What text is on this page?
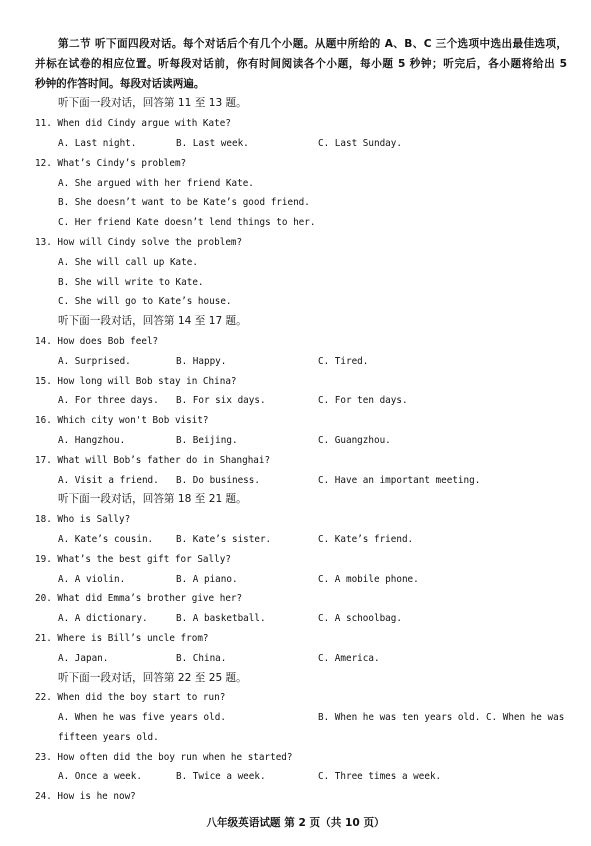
第二节 听下面四段对话。每个对话后个有几个小题。从题中所给的 A、B、C 三个选项中选出最佳选项，
并标在试卷的相应位置。听每段对话前，你有时间阅读各个小题，每小题 5 秒钟；听完后，各小题将给出 5
秒钟的作答时间。每段对话读两遍。
听下面一段对话，回答第 11 至 13 题。
11. When did Cindy argue with Kate?
A. Last night.	B. Last week.	C. Last Sunday.
12. What’s Cindy’s problem?
A. She argued with her friend Kate.
B. She doesn’t want to be Kate’s good friend.
C. Her friend Kate doesn’t lend things to her.
13. How will Cindy solve the problem?
A. She will call up Kate.
B. She will write to Kate.
C. She will go to Kate’s house.
听下面一段对话，回答第 14 至 17 题。
14. How does Bob feel?
A. Surprised.	B. Happy.	C. Tired.
15. How long will Bob stay in China?
A. For three days. B. For six days.	C. For ten days.
16. Which city won't Bob visit?
A. Hangzhou.	B. Beijing.	C. Guangzhou.
17. What will Bob’s father do in Shanghai?
A. Visit a friend. B. Do business.	C. Have an important meeting.
听下面一段对话，回答第 18 至 21 题。
18. Who is Sally?
A. Kate’s cousin. B. Kate’s sister.	C. Kate’s friend.
19. What’s the best gift for Sally?
A. A violin.	B. A piano.	C. A mobile phone.
20. What did Emma’s brother give her?
A. A dictionary.	B. A basketball.	C. A schoolbag.
21. Where is Bill’s uncle from?
A. Japan.	B. China.	C. America.
听下面一段对话，回答第 22 至 25 题。
22. When did the boy start to run?
A. When he was five years old.	B. When he was ten years old. C. When he was fifteen years old.
23. How often did the boy run when he started?
A. Once a week.	B. Twice a week.	C. Three times a week.
24. How is he now?
八年级英语试题 第 2 页（共 10 页）
